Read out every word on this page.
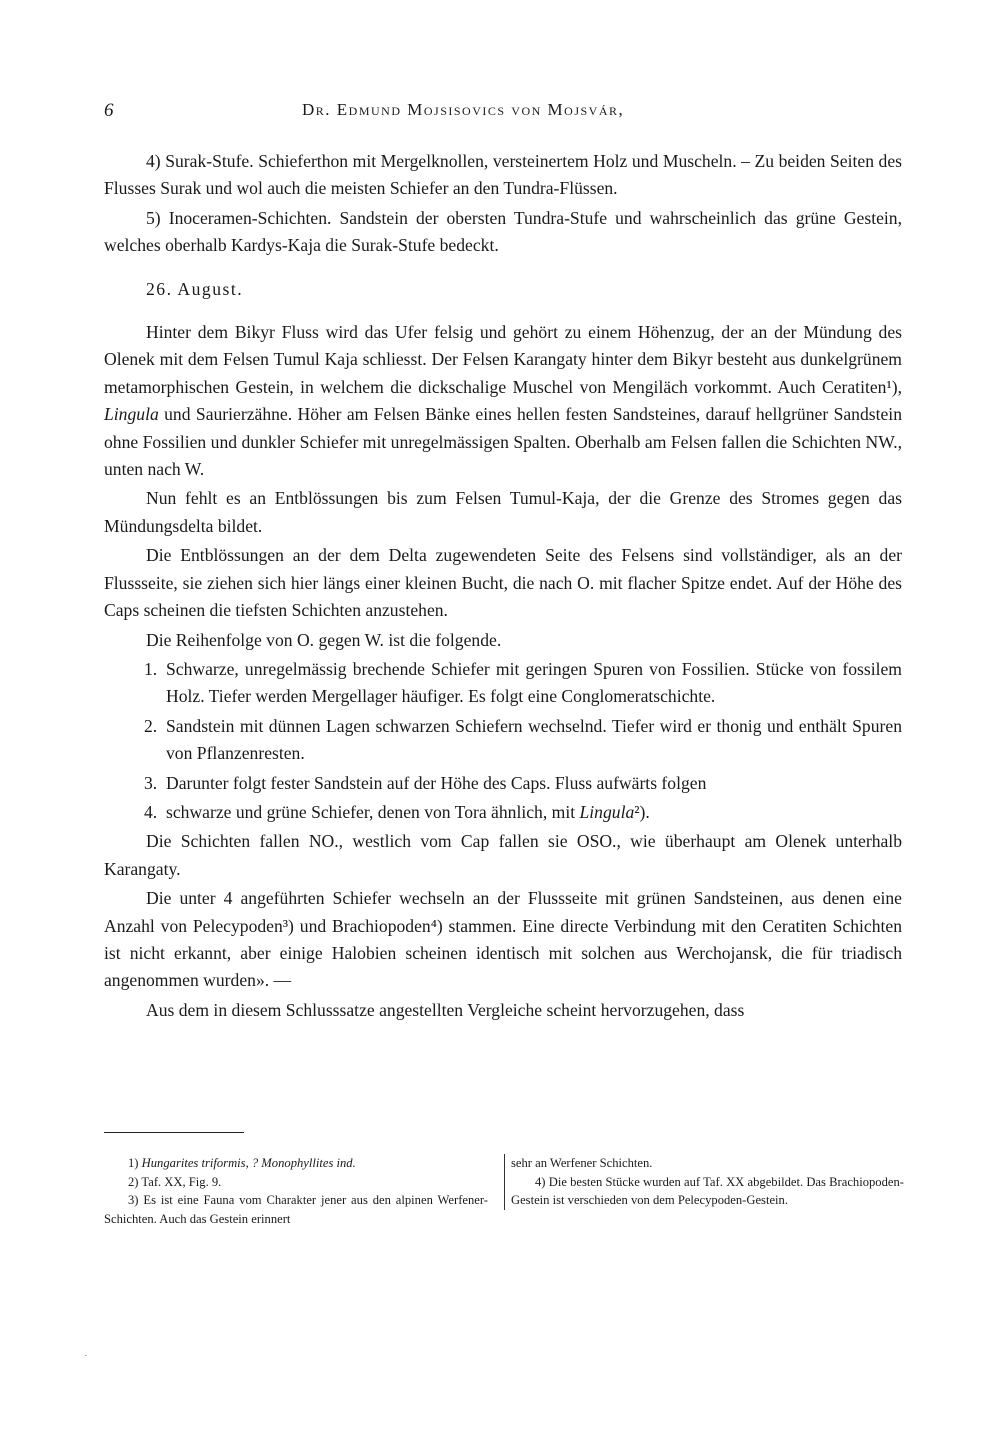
6	Dr. Edmund Mojsisovics von Mojsvár,

4) Surak-Stufe. Schieferthon mit Mergelknollen, versteinertem Holz und Muscheln. – Zu beiden Seiten des Flusses Surak und wol auch die meisten Schiefer an den Tundra-Flüssen.

5) Inoceramen-Schichten. Sandstein der obersten Tundra-Stufe und wahrscheinlich das grüne Gestein, welches oberhalb Kardys-Kaja die Surak-Stufe bedeckt.

26. August.

Hinter dem Bikyr Fluss wird das Ufer felsig und gehört zu einem Höhenzug, der an der Mündung des Olenek mit dem Felsen Tumul Kaja schliesst. Der Felsen Karangaty hinter dem Bikyr besteht aus dunkelgrünem metamorphischen Gestein, in welchem die dickschalige Muschel von Mengiläch vorkommt. Auch Ceratiten¹), Lingula und Saurierzähne. Höher am Felsen Bänke eines hellen festen Sandsteines, darauf hellgrüner Sandstein ohne Fossilien und dunkler Schiefer mit unregelmässigen Spalten. Oberhalb am Felsen fallen die Schichten NW., unten nach W.

Nun fehlt es an Entblössungen bis zum Felsen Tumul-Kaja, der die Grenze des Stromes gegen das Mündungsdelta bildet.

Die Entblössungen an der dem Delta zugewendeten Seite des Felsens sind vollständiger, als an der Flussseite, sie ziehen sich hier längs einer kleinen Bucht, die nach O. mit flacher Spitze endet. Auf der Höhe des Caps scheinen die tiefsten Schichten anzustehen.

Die Reihenfolge von O. gegen W. ist die folgende.

1. Schwarze, unregelmässig brechende Schiefer mit geringen Spuren von Fossilien. Stücke von fossilem Holz. Tiefer werden Mergellager häufiger. Es folgt eine Conglomeratschichte.

2. Sandstein mit dünnen Lagen schwarzen Schiefern wechselnd. Tiefer wird er thonig und enthält Spuren von Pflanzenresten.

3. Darunter folgt fester Sandstein auf der Höhe des Caps. Fluss aufwärts folgen

4. schwarze und grüne Schiefer, denen von Tora ähnlich, mit Lingula²).

Die Schichten fallen NO., westlich vom Cap fallen sie OSO., wie überhaupt am Olenek unterhalb Karangaty.

Die unter 4 angeführten Schiefer wechseln an der Flussseite mit grünen Sandsteinen, aus denen eine Anzahl von Pelecypoden³) und Brachiopoden⁴) stammen. Eine directe Verbindung mit den Ceratiten Schichten ist nicht erkannt, aber einige Halobien scheinen identisch mit solchen aus Werchojansk, die für triadisch angenommen wurden». —

Aus dem in diesem Schlusssatze angestellten Vergleiche scheint hervorzugehen, dass

1) Hungarites triformis, ? Monophyllites ind.

2) Taf. XX, Fig. 9.

3) Es ist eine Fauna vom Charakter jener aus den alpinen Werfener-Schichten. Auch das Gestein erinnert

sehr an Werfener Schichten.

4) Die besten Stücke wurden auf Taf. XX abgebildet. Das Brachiopoden-Gestein ist verschieden von dem Pelecypoden-Gestein.

·
